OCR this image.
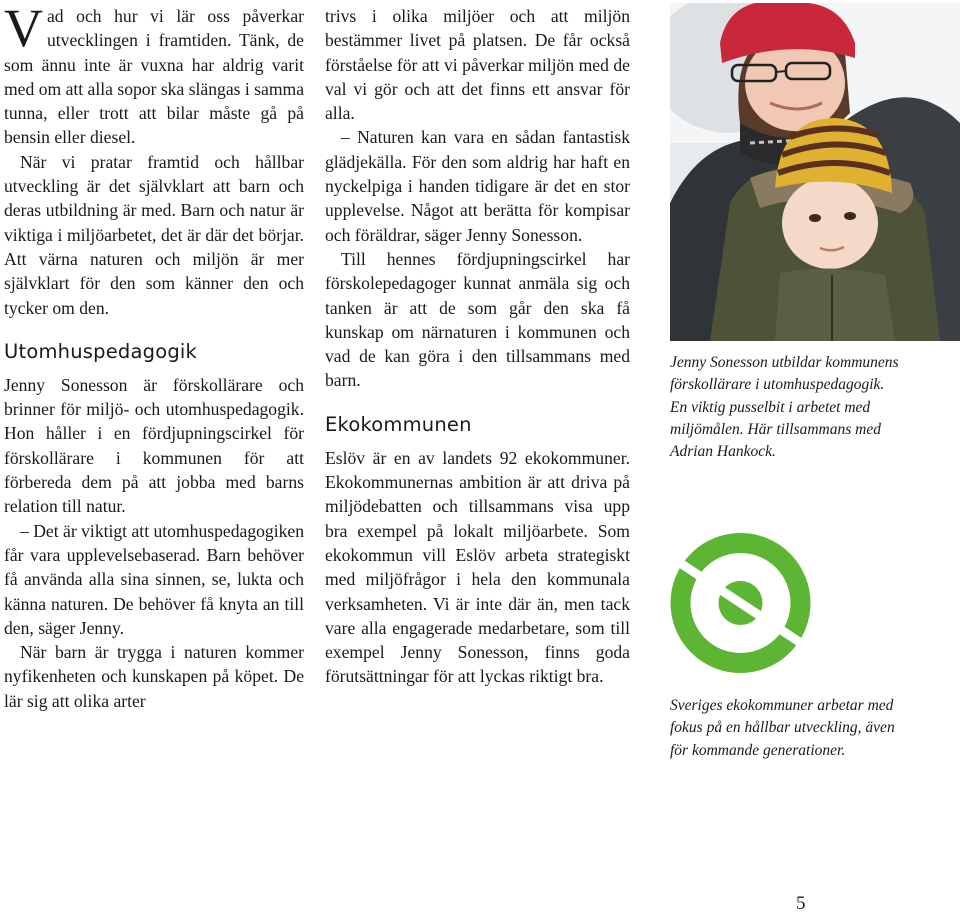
Vad och hur vi lär oss påverkar utvecklingen i framtiden. Tänk, de som ännu inte är vuxna har aldrig varit med om att alla sopor ska slängas i samma tunna, eller trott att bilar måste gå på bensin eller diesel.

När vi pratar framtid och hållbar utveckling är det självklart att barn och deras utbildning är med. Barn och natur är viktiga i miljöarbetet, det är där det börjar. Att värna naturen och miljön är mer självklart för den som känner den och tycker om den.

Utomhuspedagogik

Jenny Sonesson är förskollärare och brinner för miljö- och utomhuspedagogik. Hon håller i en fördjupningscirkel för förskollärare i kommunen för att förbereda dem på att jobba med barns relation till natur.

– Det är viktigt att utomhuspedagogiken får vara upplevelsebaserad. Barn behöver få använda alla sina sinnen, se, lukta och känna naturen. De behöver få knyta an till den, säger Jenny.

När barn är trygga i naturen kommer nyfikenheten och kunskapen på köpet. De lär sig att olika arter

trivs i olika miljöer och att miljön bestämmer livet på platsen. De får också förståelse för att vi påverkar miljön med de val vi gör och att det finns ett ansvar för alla.

– Naturen kan vara en sådan fantastisk glädjekälla. För den som aldrig har haft en nyckelpiga i handen tidigare är det en stor upplevelse. Något att berätta för kompisar och föräldrar, säger Jenny Sonesson.

Till hennes fördjupningscirkel har förskolepedagoger kunnat anmäla sig och tanken är att de som går den ska få kunskap om närnaturen i kommunen och vad de kan göra i den tillsammans med barn.

Ekokommunen

Eslöv är en av landets 92 ekokommuner. Ekokommunernas ambition är att driva på miljödebatten och tillsammans visa upp bra exempel på lokalt miljöarbete. Som ekokommun vill Eslöv arbeta strategiskt med miljöfrågor i hela den kommunala verksamheten. Vi är inte där än, men tack vare alla engagerade medarbetare, som till exempel Jenny Sonesson, finns goda förutsättningar för att lyckas riktigt bra.

Jenny Sonesson utbildar kommunens förskollärare i utomhuspedagogik. En viktig pusselbit i arbetet med miljömålen. Här tillsammans med Adrian Hankock.
Sveriges ekokommuner arbetar med fokus på en hållbar utveckling, även för kommande generationer.
5
